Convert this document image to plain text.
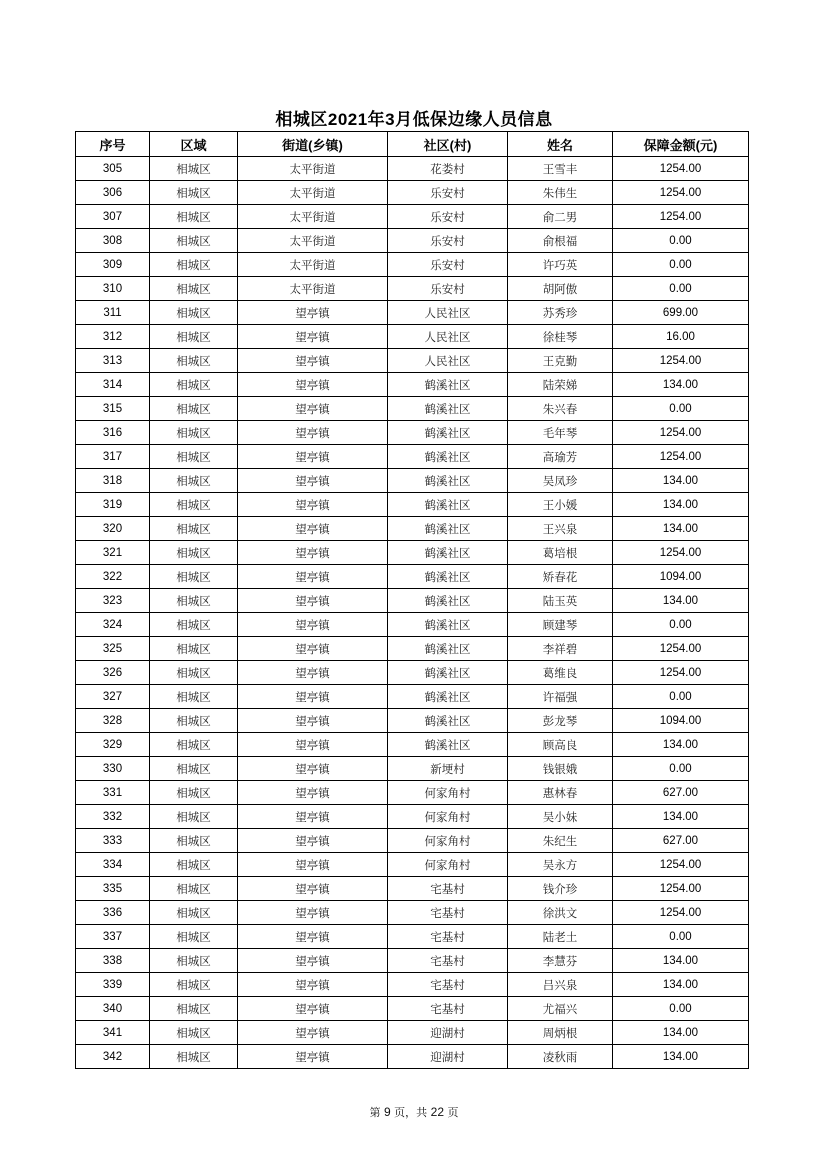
相城区2021年3月低保边缘人员信息
序号	区域	街道(乡镇)	社区(村)	姓名	保障金额(元)
305	相城区	太平街道	花娄村	王雪丰	1254.00
306	相城区	太平街道	乐安村	朱伟生	1254.00
307	相城区	太平街道	乐安村	俞二男	1254.00
308	相城区	太平街道	乐安村	俞根福	0.00
309	相城区	太平街道	乐安村	许巧英	0.00
310	相城区	太平街道	乐安村	胡阿傲	0.00
311	相城区	望亭镇	人民社区	苏秀珍	699.00
312	相城区	望亭镇	人民社区	徐桂琴	16.00
313	相城区	望亭镇	人民社区	王克勤	1254.00
314	相城区	望亭镇	鹤溪社区	陆荣娣	134.00
315	相城区	望亭镇	鹤溪社区	朱兴春	0.00
316	相城区	望亭镇	鹤溪社区	毛年琴	1254.00
317	相城区	望亭镇	鹤溪社区	高瑜芳	1254.00
318	相城区	望亭镇	鹤溪社区	吴凤珍	134.00
319	相城区	望亭镇	鹤溪社区	王小媛	134.00
320	相城区	望亭镇	鹤溪社区	王兴泉	134.00
321	相城区	望亭镇	鹤溪社区	葛培根	1254.00
322	相城区	望亭镇	鹤溪社区	矫春花	1094.00
323	相城区	望亭镇	鹤溪社区	陆玉英	134.00
324	相城区	望亭镇	鹤溪社区	顾建琴	0.00
325	相城区	望亭镇	鹤溪社区	李祥碧	1254.00
326	相城区	望亭镇	鹤溪社区	葛维良	1254.00
327	相城区	望亭镇	鹤溪社区	许福强	0.00
328	相城区	望亭镇	鹤溪社区	彭龙琴	1094.00
329	相城区	望亭镇	鹤溪社区	顾高良	134.00
330	相城区	望亭镇	新埂村	钱银娥	0.00
331	相城区	望亭镇	何家角村	惠林春	627.00
332	相城区	望亭镇	何家角村	吴小妹	134.00
333	相城区	望亭镇	何家角村	朱纪生	627.00
334	相城区	望亭镇	何家角村	吴永方	1254.00
335	相城区	望亭镇	宅基村	钱介珍	1254.00
336	相城区	望亭镇	宅基村	徐洪文	1254.00
337	相城区	望亭镇	宅基村	陆老土	0.00
338	相城区	望亭镇	宅基村	李慧芬	134.00
339	相城区	望亭镇	宅基村	吕兴泉	134.00
340	相城区	望亭镇	宅基村	尤福兴	0.00
341	相城区	望亭镇	迎湖村	周炳根	134.00
342	相城区	望亭镇	迎湖村	凌秋雨	134.00
第 9 页，共 22 页
